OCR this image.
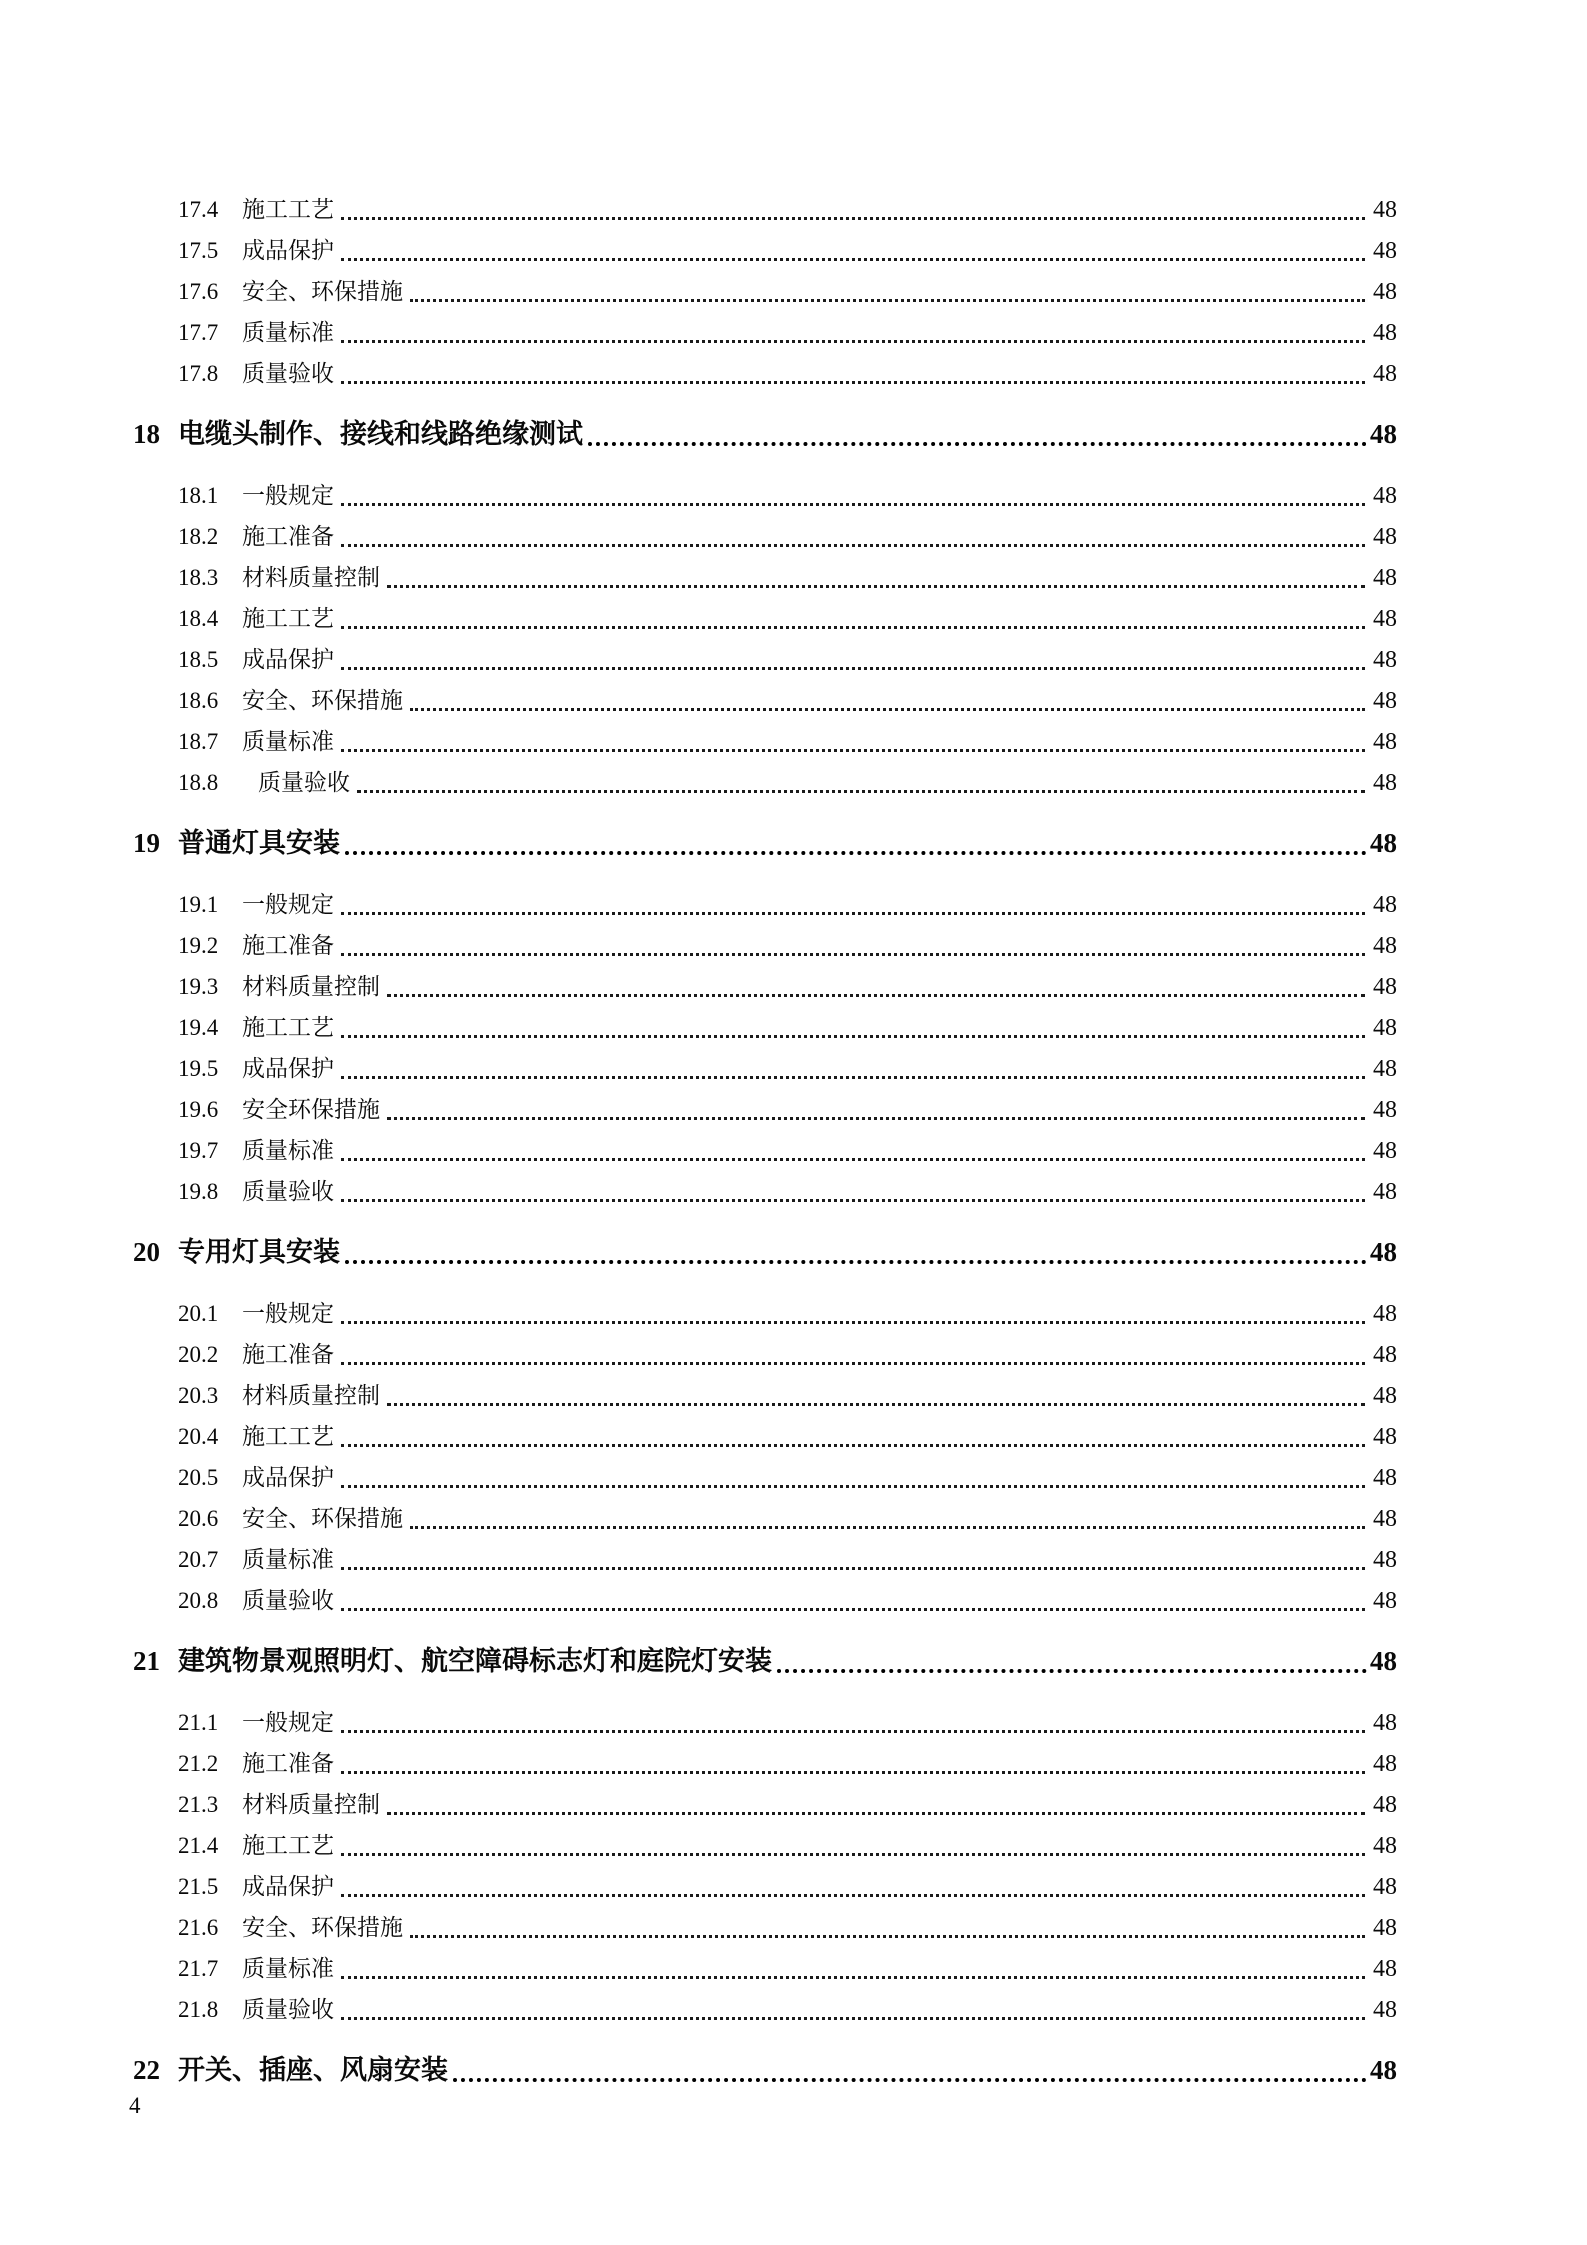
17.4	施工工艺	48
17.5	成品保护	48
17.6	安全、环保措施	48
17.7	质量标准	48
17.8	质量验收	48
18 电缆头制作、接线和线路绝缘测试	48
18.1	一般规定	48
18.2	施工准备	48
18.3	材料质量控制	48
18.4	施工工艺	48
18.5	成品保护	48
18.6	安全、环保措施	48
18.7	质量标准	48
18.8	质量验收	48
19 普通灯具安装	48
19.1	一般规定	48
19.2	施工准备	48
19.3	材料质量控制	48
19.4	施工工艺	48
19.5	成品保护	48
19.6	安全环保措施	48
19.7	质量标准	48
19.8	质量验收	48
20 专用灯具安装	48
20.1	一般规定	48
20.2	施工准备	48
20.3	材料质量控制	48
20.4	施工工艺	48
20.5	成品保护	48
20.6	安全、环保措施	48
20.7	质量标准	48
20.8	质量验收	48
21 建筑物景观照明灯、航空障碍标志灯和庭院灯安装	48
21.1	一般规定	48
21.2	施工准备	48
21.3	材料质量控制	48
21.4	施工工艺	48
21.5	成品保护	48
21.6	安全、环保措施	48
21.7	质量标准	48
21.8	质量验收	48
22 开关、插座、风扇安装	48
4
